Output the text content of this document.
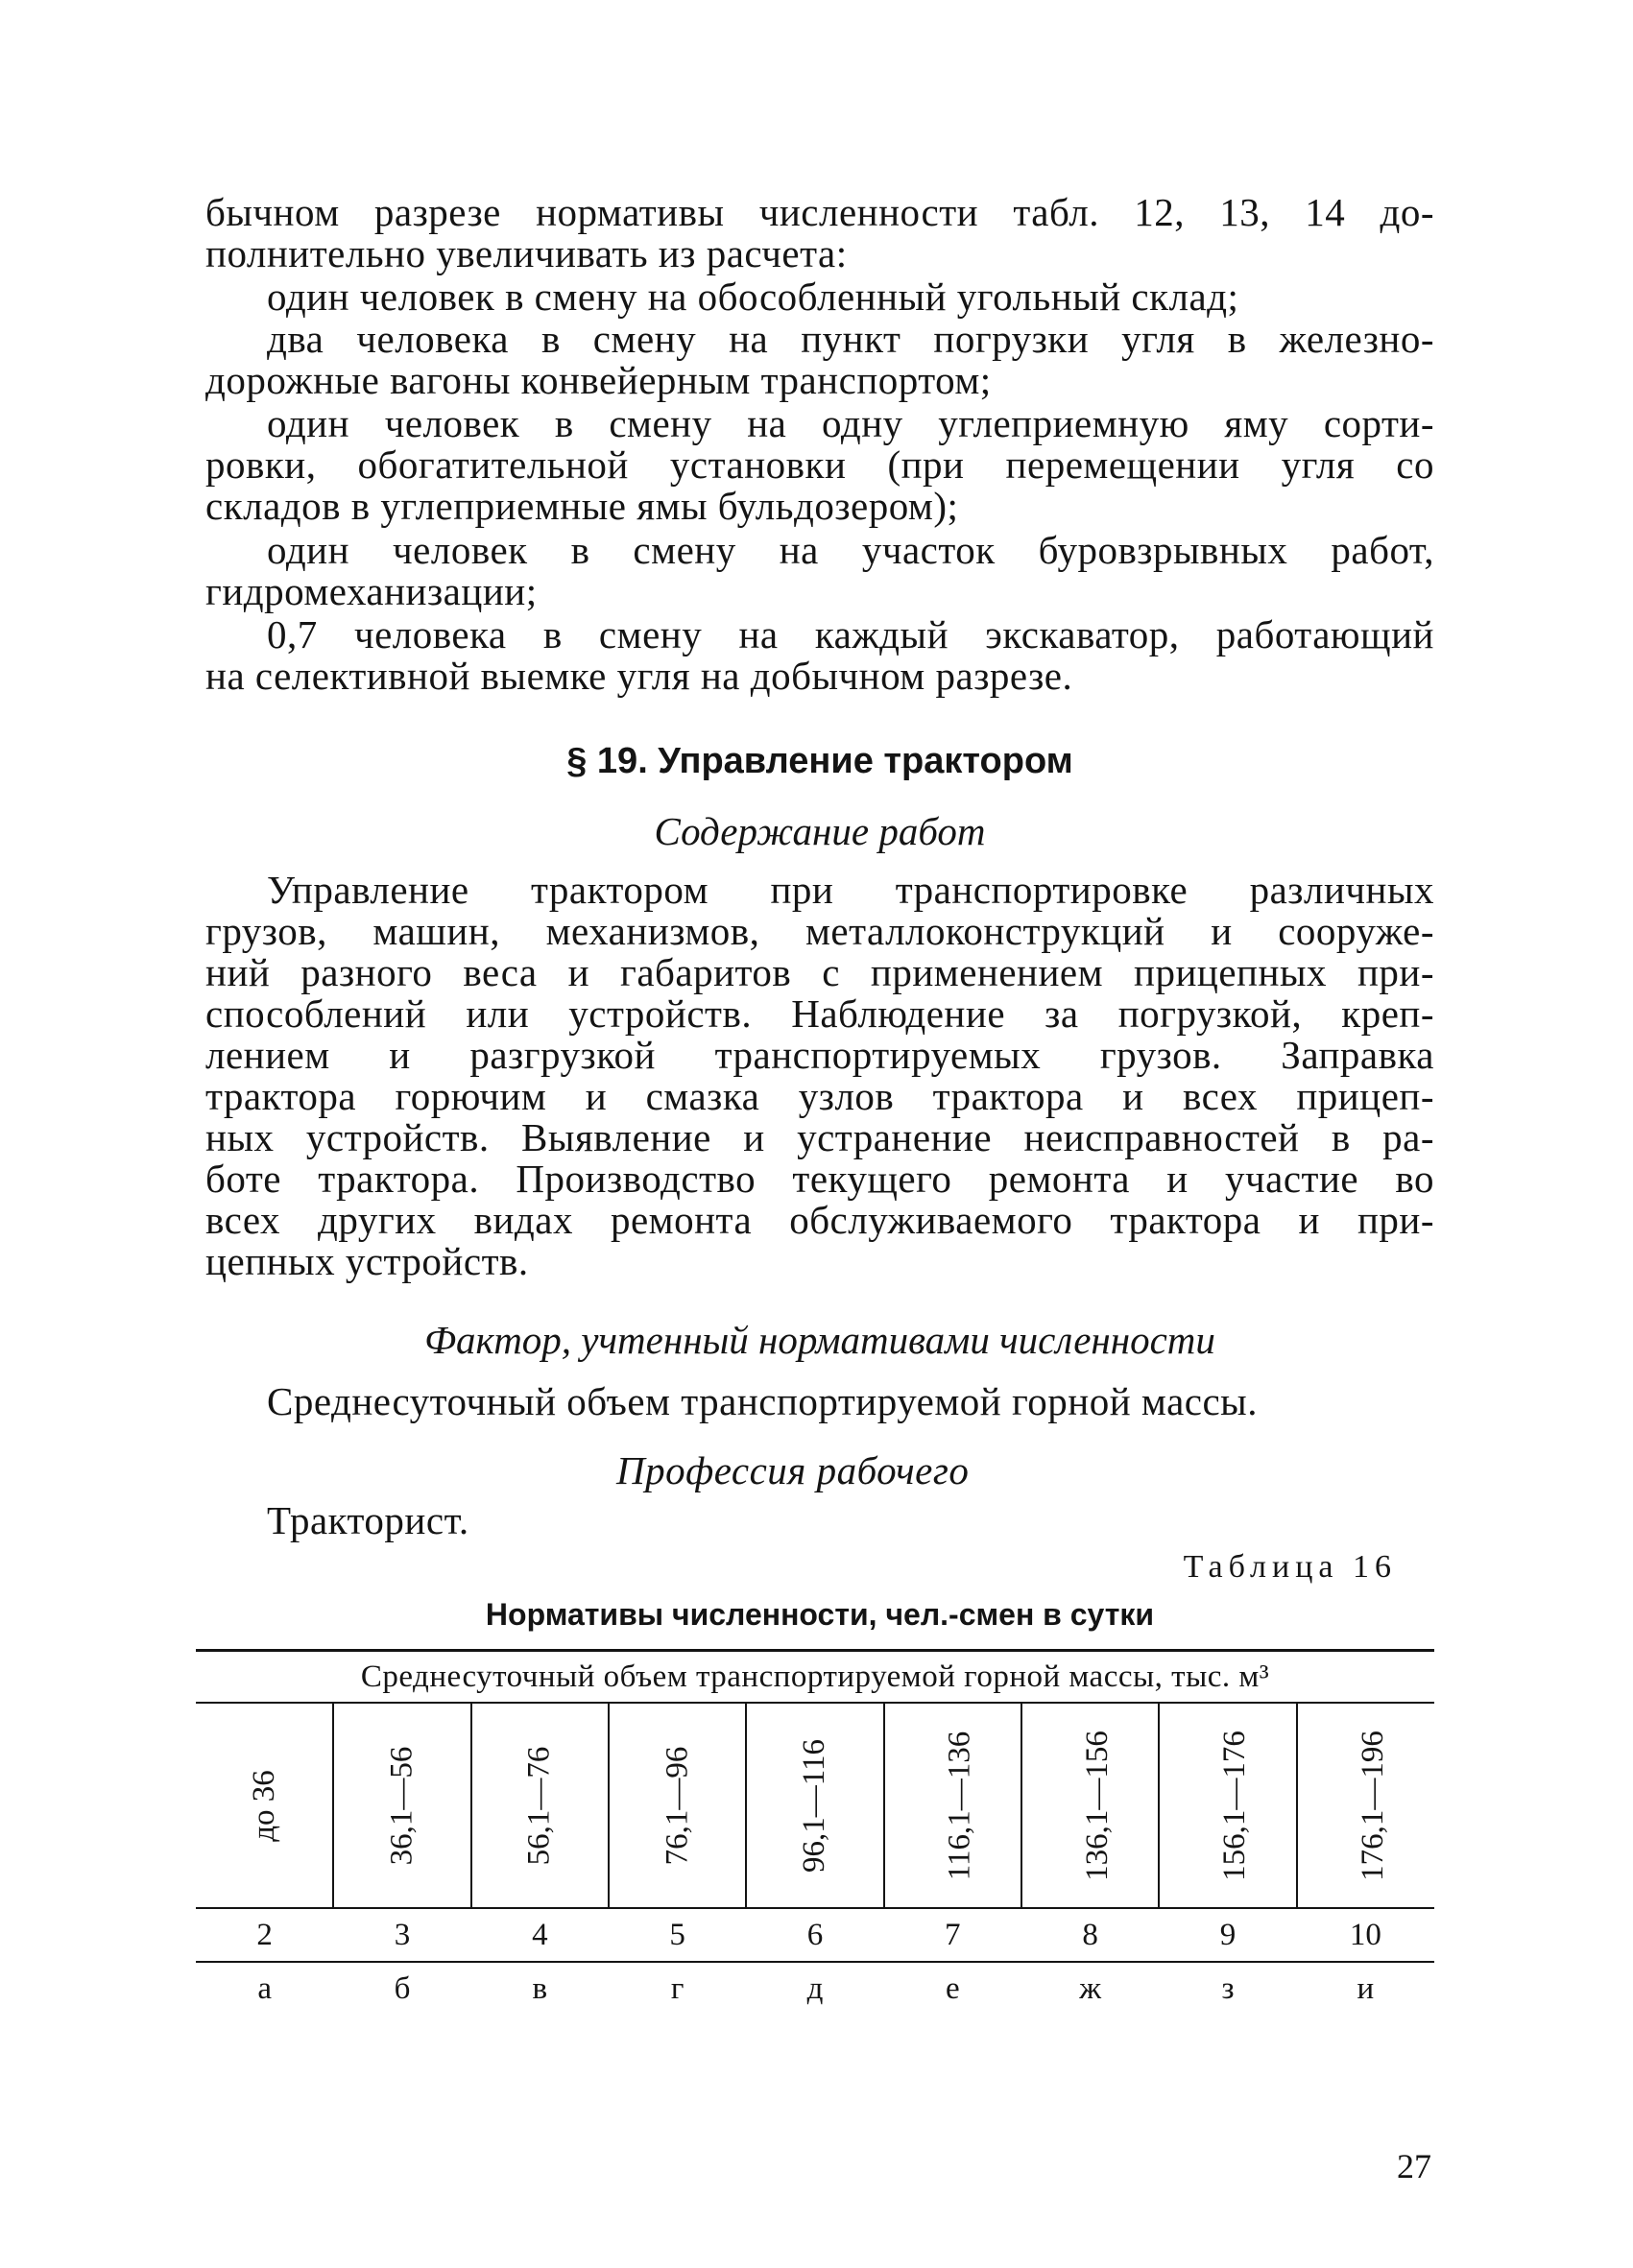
бычном разрезе нормативы численности табл. 12, 13, 14 до-
полнительно увеличивать из расчета:
один человек в смену на обособленный угольный склад;
два человека в смену на пункт погрузки угля в железно-
дорожные вагоны конвейерным транспортом;
один человек в смену на одну углеприемную яму сорти-
ровки, обогатительной установки (при перемещении угля со
складов в углеприемные ямы бульдозером);
один человек в смену на участок буровзрывных работ,
гидромеханизации;
0,7 человека в смену на каждый экскаватор, работающий
на селективной выемке угля на добычном разрезе.
§ 19. Управление трактором
Содержание работ
Управление трактором при транспортировке различных
грузов, машин, механизмов, металлоконструкций и сооруже-
ний разного веса и габаритов с применением прицепных при-
способлений или устройств. Наблюдение за погрузкой, креп-
лением и разгрузкой транспортируемых грузов. Заправка
трактора горючим и смазка узлов трактора и всех прицеп-
ных устройств. Выявление и устранение неисправностей в ра-
боте трактора. Производство текущего ремонта и участие во
всех других видах ремонта обслуживаемого трактора и при-
цепных устройств.
Фактор, учтенный нормативами численности
Среднесуточный объем транспортируемой горной массы.
Профессия рабочего
Тракторист.
Таблица 16
Нормативы численности, чел.-смен в сутки
Среднесуточный объем транспортируемой горной массы, тыс. м³								
до 36	36,1—56	56,1—76	76,1—96	96,1—116	116,1—136	136,1—156	156,1—176	176,1—196
2	3	4	5	6	7	8	9	10
а	б	в	г	д	е	ж	з	и
27
